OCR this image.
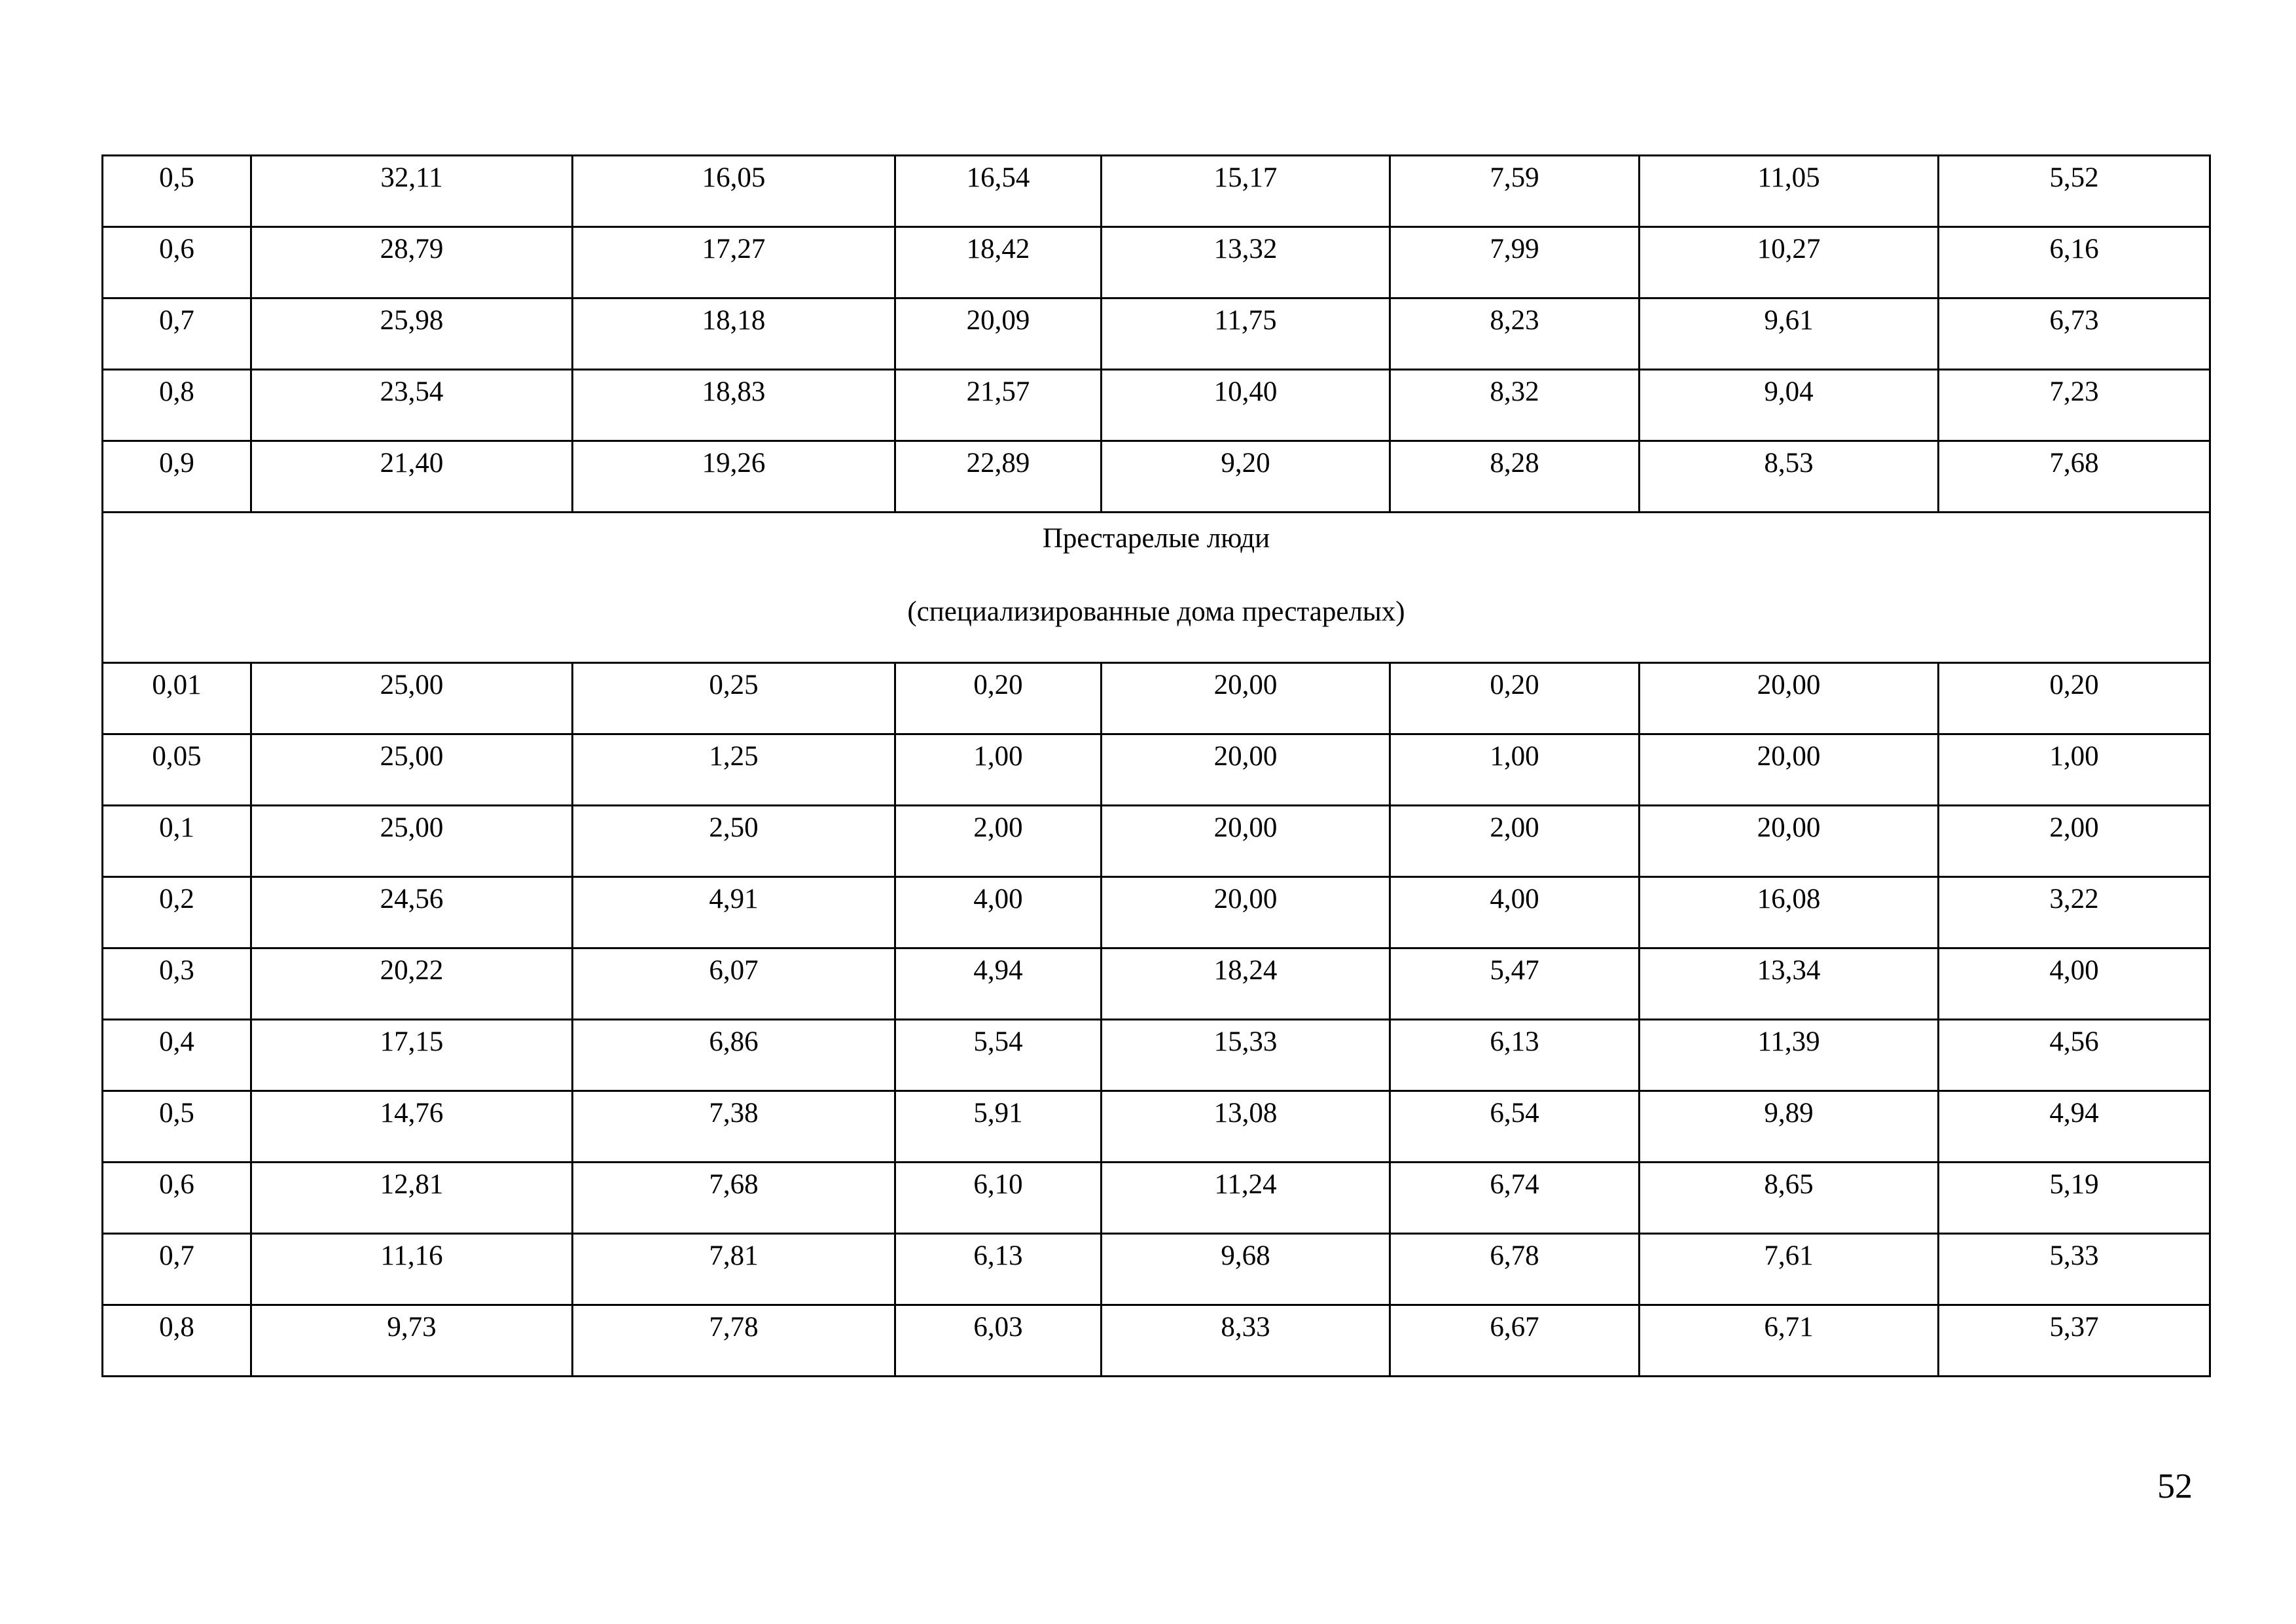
0,5	32,11	16,05	16,54	15,17	7,59	11,05	5,52
0,6	28,79	17,27	18,42	13,32	7,99	10,27	6,16
0,7	25,98	18,18	20,09	11,75	8,23	9,61	6,73
0,8	23,54	18,83	21,57	10,40	8,32	9,04	7,23
0,9	21,40	19,26	22,89	9,20	8,28	8,53	7,68

Престарелые люди
(специализированные дома престарелых)							

0,01	25,00	0,25	0,20	20,00	0,20	20,00	0,20
0,05	25,00	1,25	1,00	20,00	1,00	20,00	1,00
0,1	25,00	2,50	2,00	20,00	2,00	20,00	2,00
0,2	24,56	4,91	4,00	20,00	4,00	16,08	3,22
0,3	20,22	6,07	4,94	18,24	5,47	13,34	4,00
0,4	17,15	6,86	5,54	15,33	6,13	11,39	4,56
0,5	14,76	7,38	5,91	13,08	6,54	9,89	4,94
0,6	12,81	7,68	6,10	11,24	6,74	8,65	5,19
0,7	11,16	7,81	6,13	9,68	6,78	7,61	5,33
0,8	9,73	7,78	6,03	8,33	6,67	6,71	5,37
52
